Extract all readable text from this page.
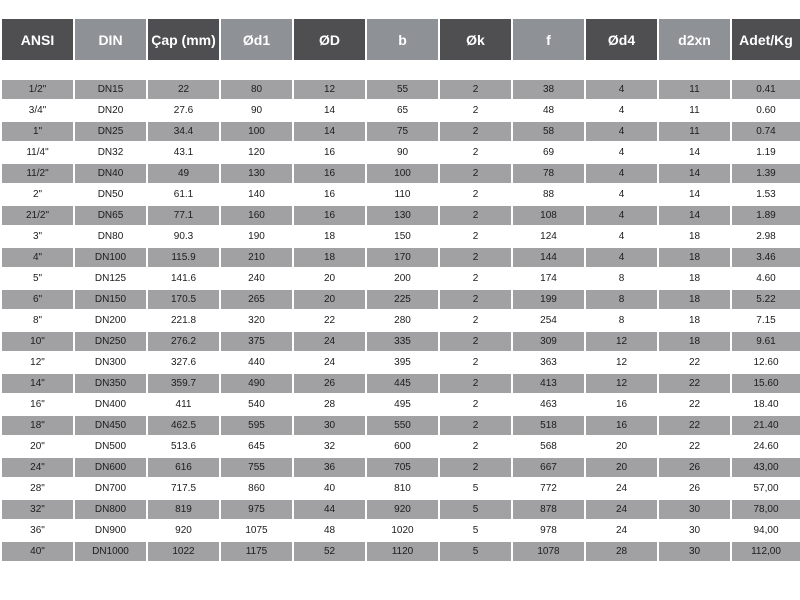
ANSI	DIN	Çap (mm)	Ød1	ØD	b	Øk	f	Ød4	d2xn	Adet/Kg

1/2"	DN15	22	80	12	55	2	38	4	11	0.41
3/4"	DN20	27.6	90	14	65	2	48	4	11	0.60
1"	DN25	34.4	100	14	75	2	58	4	11	0.74
11/4"	DN32	43.1	120	16	90	2	69	4	14	1.19
11/2"	DN40	49	130	16	100	2	78	4	14	1.39
2"	DN50	61.1	140	16	110	2	88	4	14	1.53
21/2"	DN65	77.1	160	16	130	2	108	4	14	1.89
3"	DN80	90.3	190	18	150	2	124	4	18	2.98
4"	DN100	115.9	210	18	170	2	144	4	18	3.46
5"	DN125	141.6	240	20	200	2	174	8	18	4.60
6"	DN150	170.5	265	20	225	2	199	8	18	5.22
8"	DN200	221.8	320	22	280	2	254	8	18	7.15
10"	DN250	276.2	375	24	335	2	309	12	18	9.61
12"	DN300	327.6	440	24	395	2	363	12	22	12.60
14"	DN350	359.7	490	26	445	2	413	12	22	15.60
16"	DN400	411	540	28	495	2	463	16	22	18.40
18"	DN450	462.5	595	30	550	2	518	16	22	21.40
20"	DN500	513.6	645	32	600	2	568	20	22	24.60
24"	DN600	616	755	36	705	2	667	20	26	43,00
28"	DN700	717.5	860	40	810	5	772	24	26	57,00
32"	DN800	819	975	44	920	5	878	24	30	78,00
36"	DN900	920	1075	48	1020	5	978	24	30	94,00
40"	DN1000	1022	1175	52	1120	5	1078	28	30	112,00
